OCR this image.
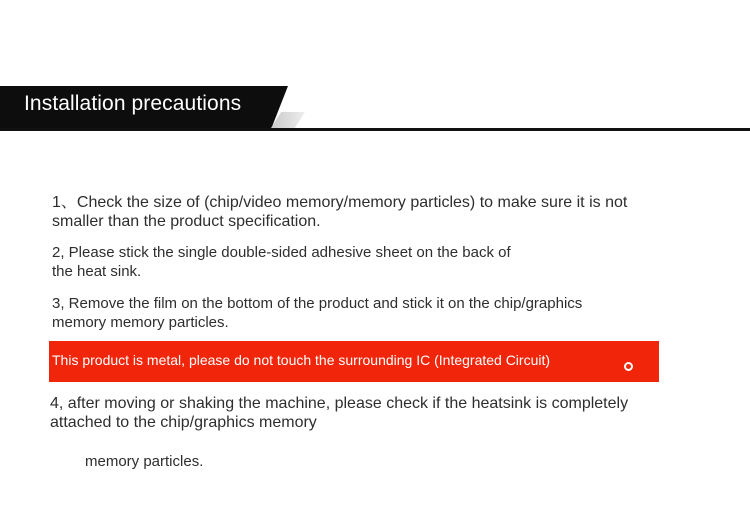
Installation precautions
1、Check the size of (chip/video memory/memory particles) to make sure it is not
smaller than the product specification.
2, Please stick the single double-sided adhesive sheet on the back of
the heat sink.
3, Remove the film on the bottom of the product and stick it on the chip/graphics
memory memory particles.
This product is metal, please do not touch the surrounding IC (Integrated Circuit)
4, after moving or shaking the machine, please check if the heatsink is completely
attached to the chip/graphics memory
memory particles.
